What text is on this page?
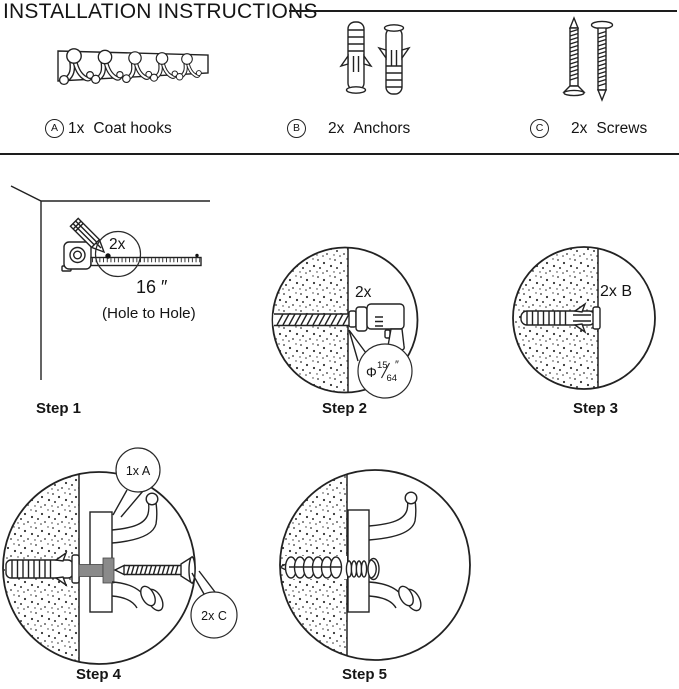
INSTALLATION INSTRUCTIONS
A 1x Coat hooks	B	2x Anchors	C	2x Screws
2x
16 ″
(Hole to Hole)
2x
Φ 15
64
″
2x B
1x A
2x C
Step 1	Step 2	Step 3
Step 4	Step 5
